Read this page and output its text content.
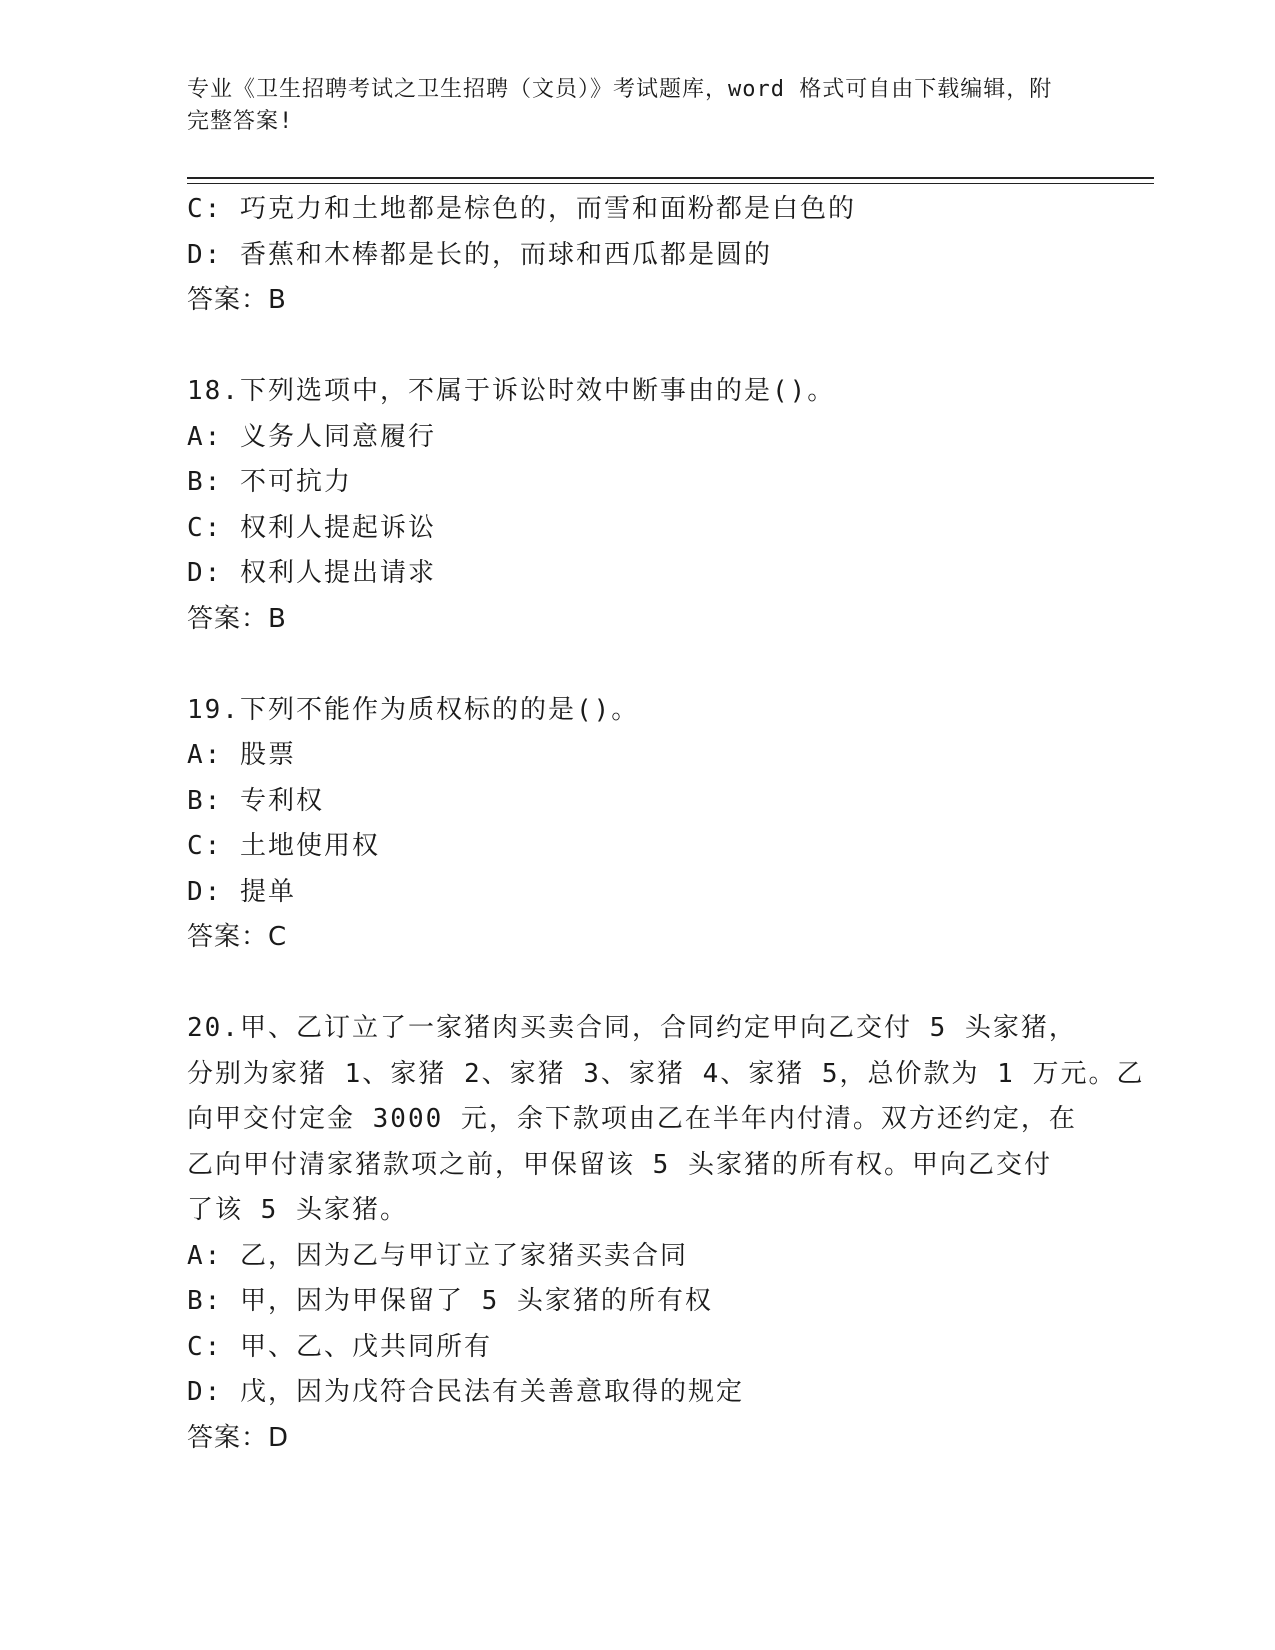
专业《卫生招聘考试之卫生招聘（文员）》考试题库，word 格式可自由下载编辑，附完整答案!

C: 巧克力和土地都是棕色的，而雪和面粉都是白色的

D: 香蕉和木棒都是长的，而球和西瓜都是圆的

答案：B

18.下列选项中，不属于诉讼时效中断事由的是()。

A: 义务人同意履行

B: 不可抗力

C: 权利人提起诉讼

D: 权利人提出请求

答案：B

19.下列不能作为质权标的的是()。

A: 股票

B: 专利权

C: 土地使用权

D: 提单

答案：C

20.甲、乙订立了一家猪肉买卖合同，合同约定甲向乙交付 5 头家猪，

分别为家猪 1、家猪 2、家猪 3、家猪 4、家猪 5，总价款为 1 万元。乙

向甲交付定金 3000 元，余下款项由乙在半年内付清。双方还约定，在

乙向甲付清家猪款项之前，甲保留该 5 头家猪的所有权。甲向乙交付

了该 5 头家猪。

A: 乙，因为乙与甲订立了家猪买卖合同

B: 甲，因为甲保留了 5 头家猪的所有权

C: 甲、乙、戊共同所有

D: 戊，因为戊符合民法有关善意取得的规定

答案：D
